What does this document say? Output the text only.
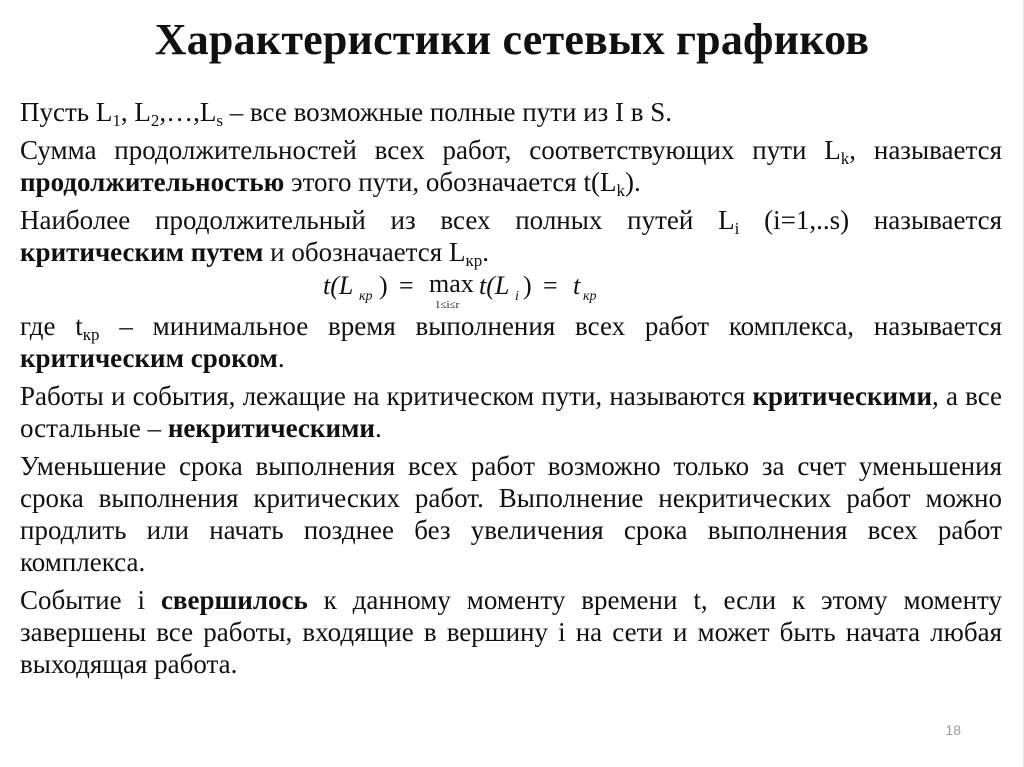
Характеристики сетевых графиков

Пусть $L_1$, $L_2,\dots,L_s$ – все возможные полные пути из I в S.

Сумма продолжительностей всех работ, соответствующих пути $L_k$, называется продолжительностью этого пути, обозначается $t(L_k)$.

Наиболее продолжительный из всех полных путей $L_i$ (i=1,..s) называется критическим путем и обозначается $L_{кр}$.

t(L кр ) = max
1≤i≤r
t(L i ) = t кр

где $t_{кр}$ – минимальное время выполнения всех работ комплекса, называется критическим сроком.

Работы и события, лежащие на критическом пути, называются критическими, а все остальные – некритическими.

Уменьшение срока выполнения всех работ возможно только за счет уменьшения срока выполнения критических работ. Выполнение некритических работ можно продлить или начать позднее без увеличения срока выполнения всех работ комплекса.

Событие i свершилось к данному моменту времени t, если к этому моменту завершены все работы, входящие в вершину i на сети и может быть начата любая выходящая работа.

18
